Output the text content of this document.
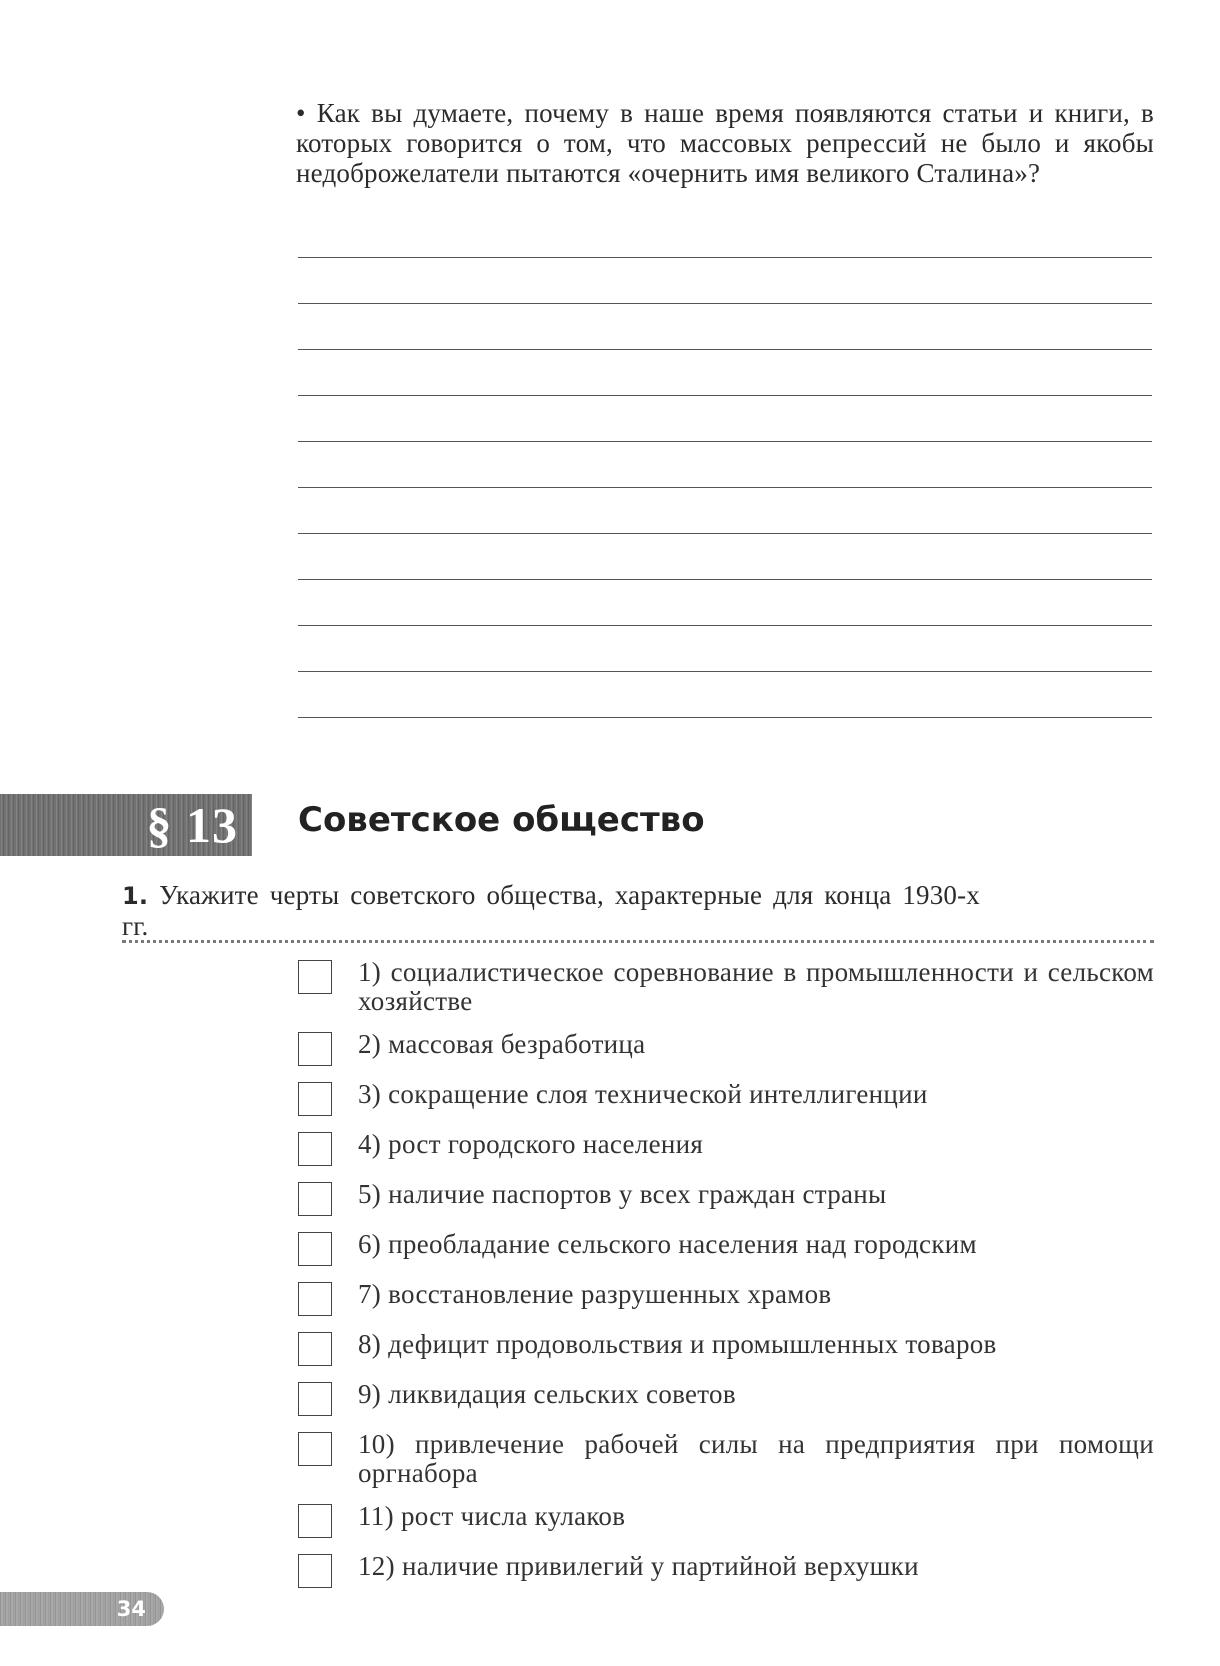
• Как вы думаете, почему в наше время появляются статьи и книги, в которых говорится о том, что массовых репрессий не было и якобы недоброжелатели пытаются «очернить имя великого Сталина»?
§ 13 Советское общество
1. Укажите черты советского общества, характерные для конца 1930-х гг.
1) социалистическое соревнование в промышленности и сельском хозяйстве
2) массовая безработица
3) сокращение слоя технической интеллигенции
4) рост городского населения
5) наличие паспортов у всех граждан страны
6) преобладание сельского населения над городским
7) восстановление разрушенных храмов
8) дефицит продовольствия и промышленных товаров
9) ликвидация сельских советов
10) привлечение рабочей силы на предприятия при помощи оргнабора
11) рост числа кулаков
12) наличие привилегий у партийной верхушки
34
